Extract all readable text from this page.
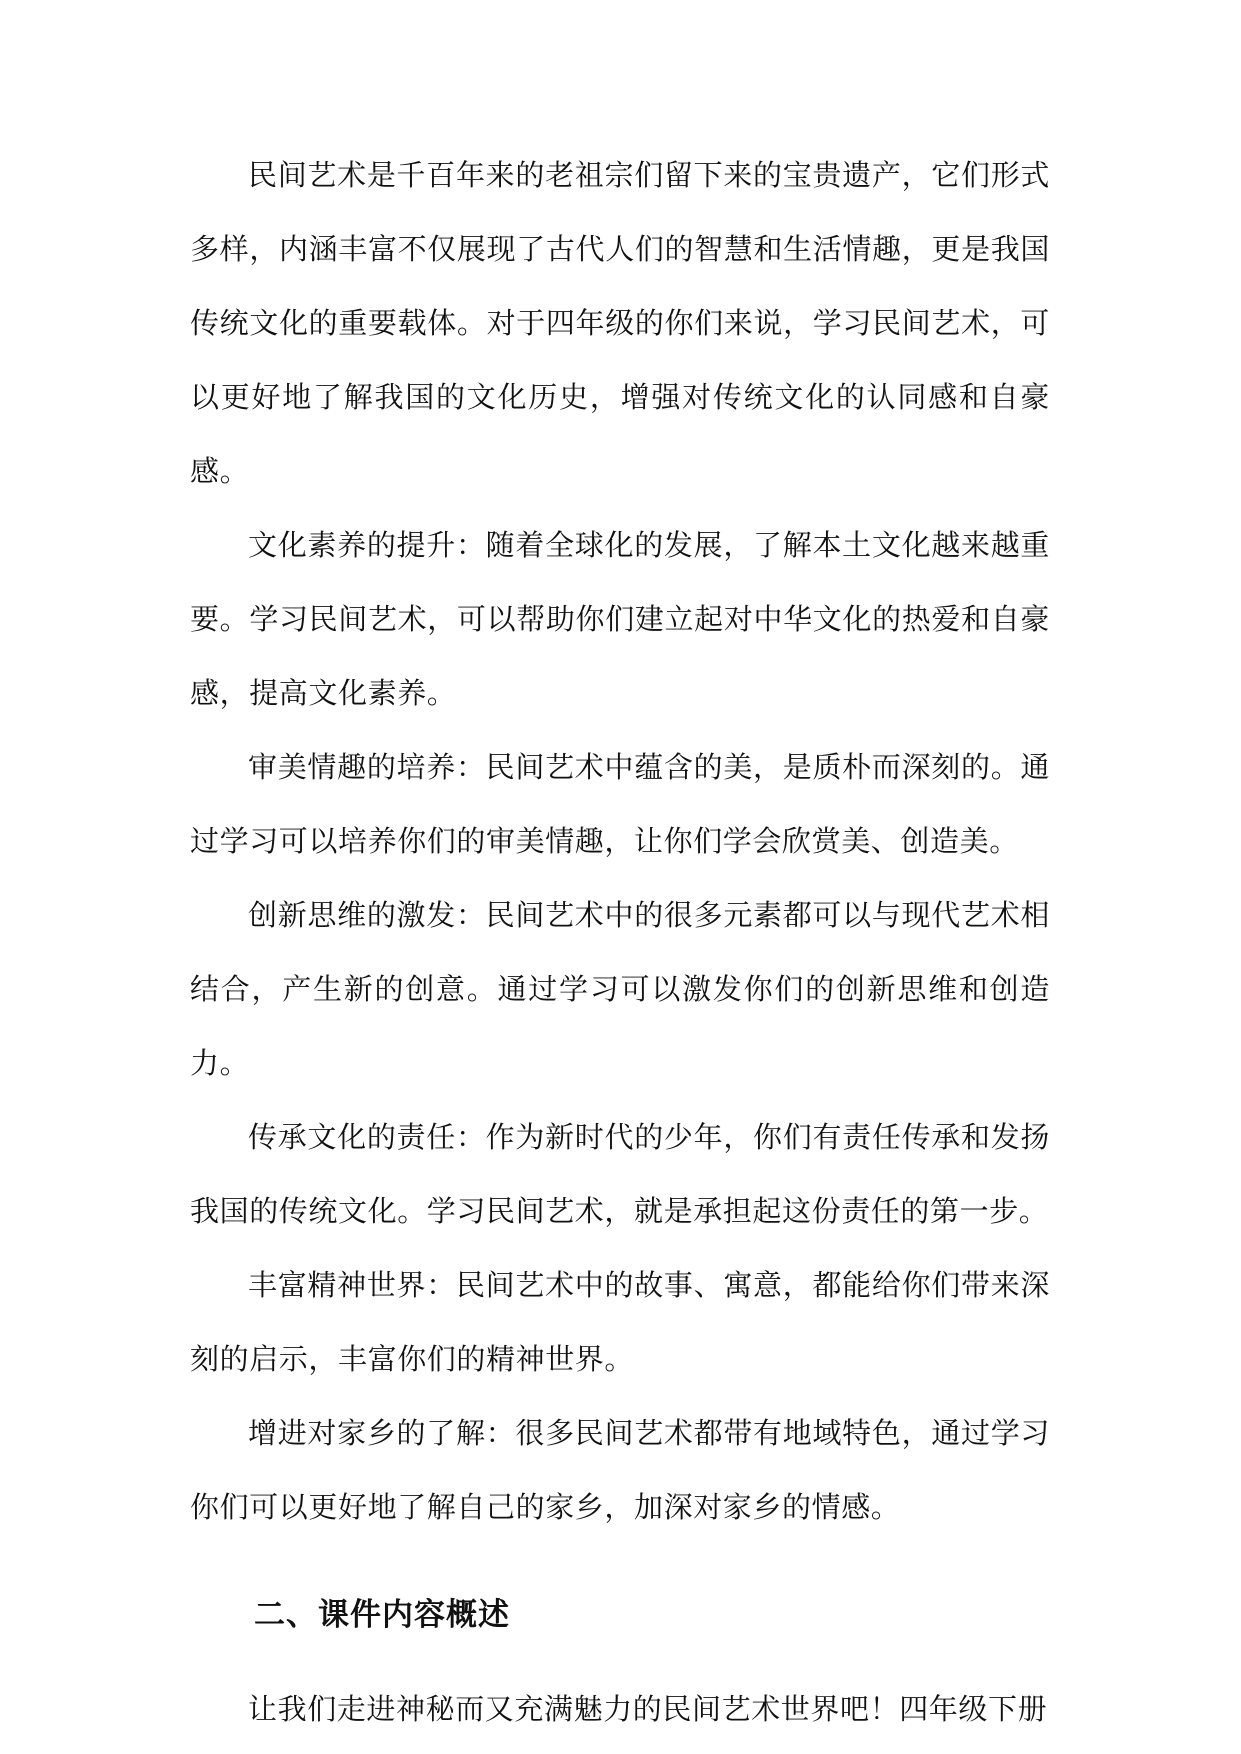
民间艺术是千百年来的老祖宗们留下来的宝贵遗产，它们形式多样，内涵丰富不仅展现了古代人们的智慧和生活情趣，更是我国传统文化的重要载体。对于四年级的你们来说，学习民间艺术，可以更好地了解我国的文化历史，增强对传统文化的认同感和自豪感。

文化素养的提升：随着全球化的发展，了解本土文化越来越重要。学习民间艺术，可以帮助你们建立起对中华文化的热爱和自豪感，提高文化素养。

审美情趣的培养：民间艺术中蕴含的美，是质朴而深刻的。通过学习可以培养你们的审美情趣，让你们学会欣赏美、创造美。

创新思维的激发：民间艺术中的很多元素都可以与现代艺术相结合，产生新的创意。通过学习可以激发你们的创新思维和创造力。

传承文化的责任：作为新时代的少年，你们有责任传承和发扬我国的传统文化。学习民间艺术，就是承担起这份责任的第一步。

丰富精神世界：民间艺术中的故事、寓意，都能给你们带来深刻的启示，丰富你们的精神世界。

增进对家乡的了解：很多民间艺术都带有地域特色，通过学习你们可以更好地了解自己的家乡，加深对家乡的情感。

二、课件内容概述

让我们走进神秘而又充满魅力的民间艺术世界吧！四年级下册
